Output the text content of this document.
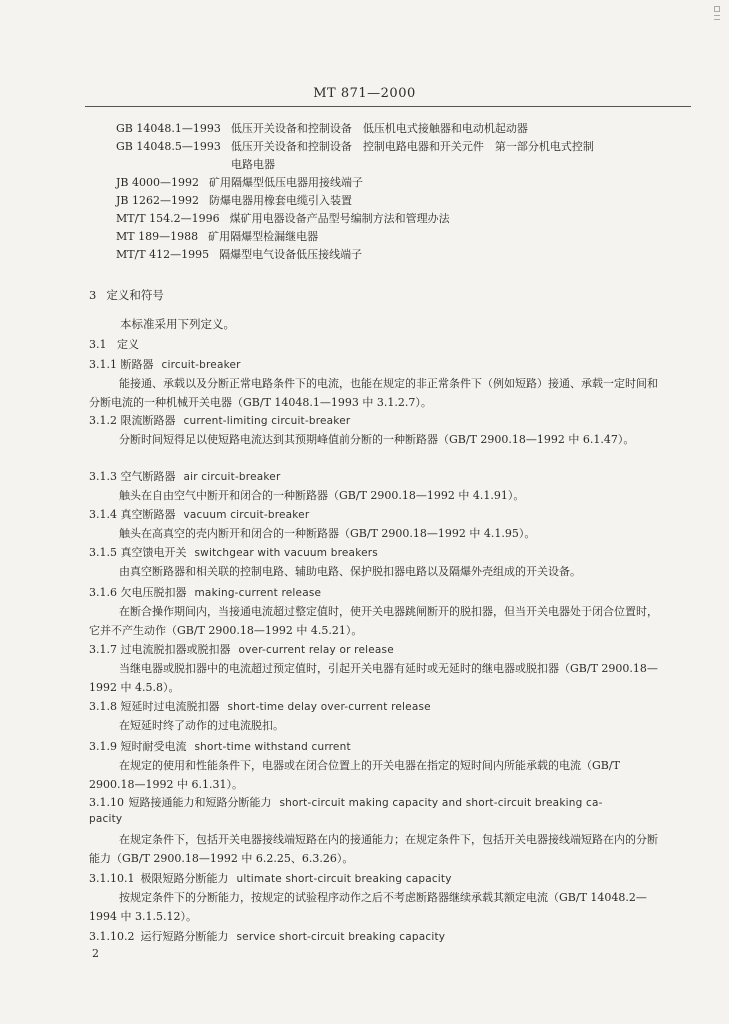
MT 871—2000
GB 14048.1—1993 低压开关设备和控制设备　低压机电式接触器和电动机起动器
GB 14048.5—1993 低压开关设备和控制设备　控制电路电器和开关元件　第一部分机电式控制
电路电器
JB 4000—1992 矿用隔爆型低压电器用接线端子
JB 1262—1992 防爆电器用橡套电缆引入装置
MT/T 154.2—1996 煤矿用电器设备产品型号编制方法和管理办法
MT 189—1988 矿用隔爆型检漏继电器
MT/T 412—1995 隔爆型电气设备低压接线端子
3 定义和符号
本标准采用下列定义。
3.1 定义
3.1.1 断路器 circuit-breaker
能接通、承载以及分断正常电路条件下的电流，也能在规定的非正常条件下（例如短路）接通、承载一定时间和分断电流的一种机械开关电器（GB/T 14048.1—1993 中 3.1.2.7）。
3.1.2 限流断路器 current-limiting circuit-breaker
分断时间短得足以使短路电流达到其预期峰值前分断的一种断路器（GB/T 2900.18—1992 中 6.1.47）。
3.1.3 空气断路器 air circuit-breaker
触头在自由空气中断开和闭合的一种断路器（GB/T 2900.18—1992 中 4.1.91）。
3.1.4 真空断路器 vacuum circuit-breaker
触头在高真空的壳内断开和闭合的一种断路器（GB/T 2900.18—1992 中 4.1.95）。
3.1.5 真空馈电开关 switchgear with vacuum breakers
由真空断路器和相关联的控制电路、辅助电路、保护脱扣器电路以及隔爆外壳组成的开关设备。
3.1.6 欠电压脱扣器 making-current release
在断合操作期间内，当接通电流超过整定值时，使开关电器跳闸断开的脱扣器，但当开关电器处于闭合位置时，它并不产生动作（GB/T 2900.18—1992 中 4.5.21）。
3.1.7 过电流脱扣器或脱扣器 over-current relay or release
当继电器或脱扣器中的电流超过预定值时，引起开关电器有延时或无延时的继电器或脱扣器（GB/T 2900.18—1992 中 4.5.8）。
3.1.8 短延时过电流脱扣器 short-time delay over-current release
在短延时终了动作的过电流脱扣。
3.1.9 短时耐受电流 short-time withstand current
在规定的使用和性能条件下，电器或在闭合位置上的开关电器在指定的短时间内所能承载的电流（GB/T 2900.18—1992 中 6.1.31）。
3.1.10 短路接通能力和短路分断能力 short-circuit making capacity and short-circuit breaking ca-
pacity
在规定条件下，包括开关电器接线端短路在内的接通能力；在规定条件下，包括开关电器接线端短路在内的分断能力（GB/T 2900.18—1992 中 6.2.25、6.3.26）。
3.1.10.1 极限短路分断能力 ultimate short-circuit breaking capacity
按规定条件下的分断能力，按规定的试验程序动作之后不考虑断路器继续承载其额定电流（GB/T 14048.2—1994 中 3.1.5.12）。
3.1.10.2 运行短路分断能力 service short-circuit breaking capacity
2
